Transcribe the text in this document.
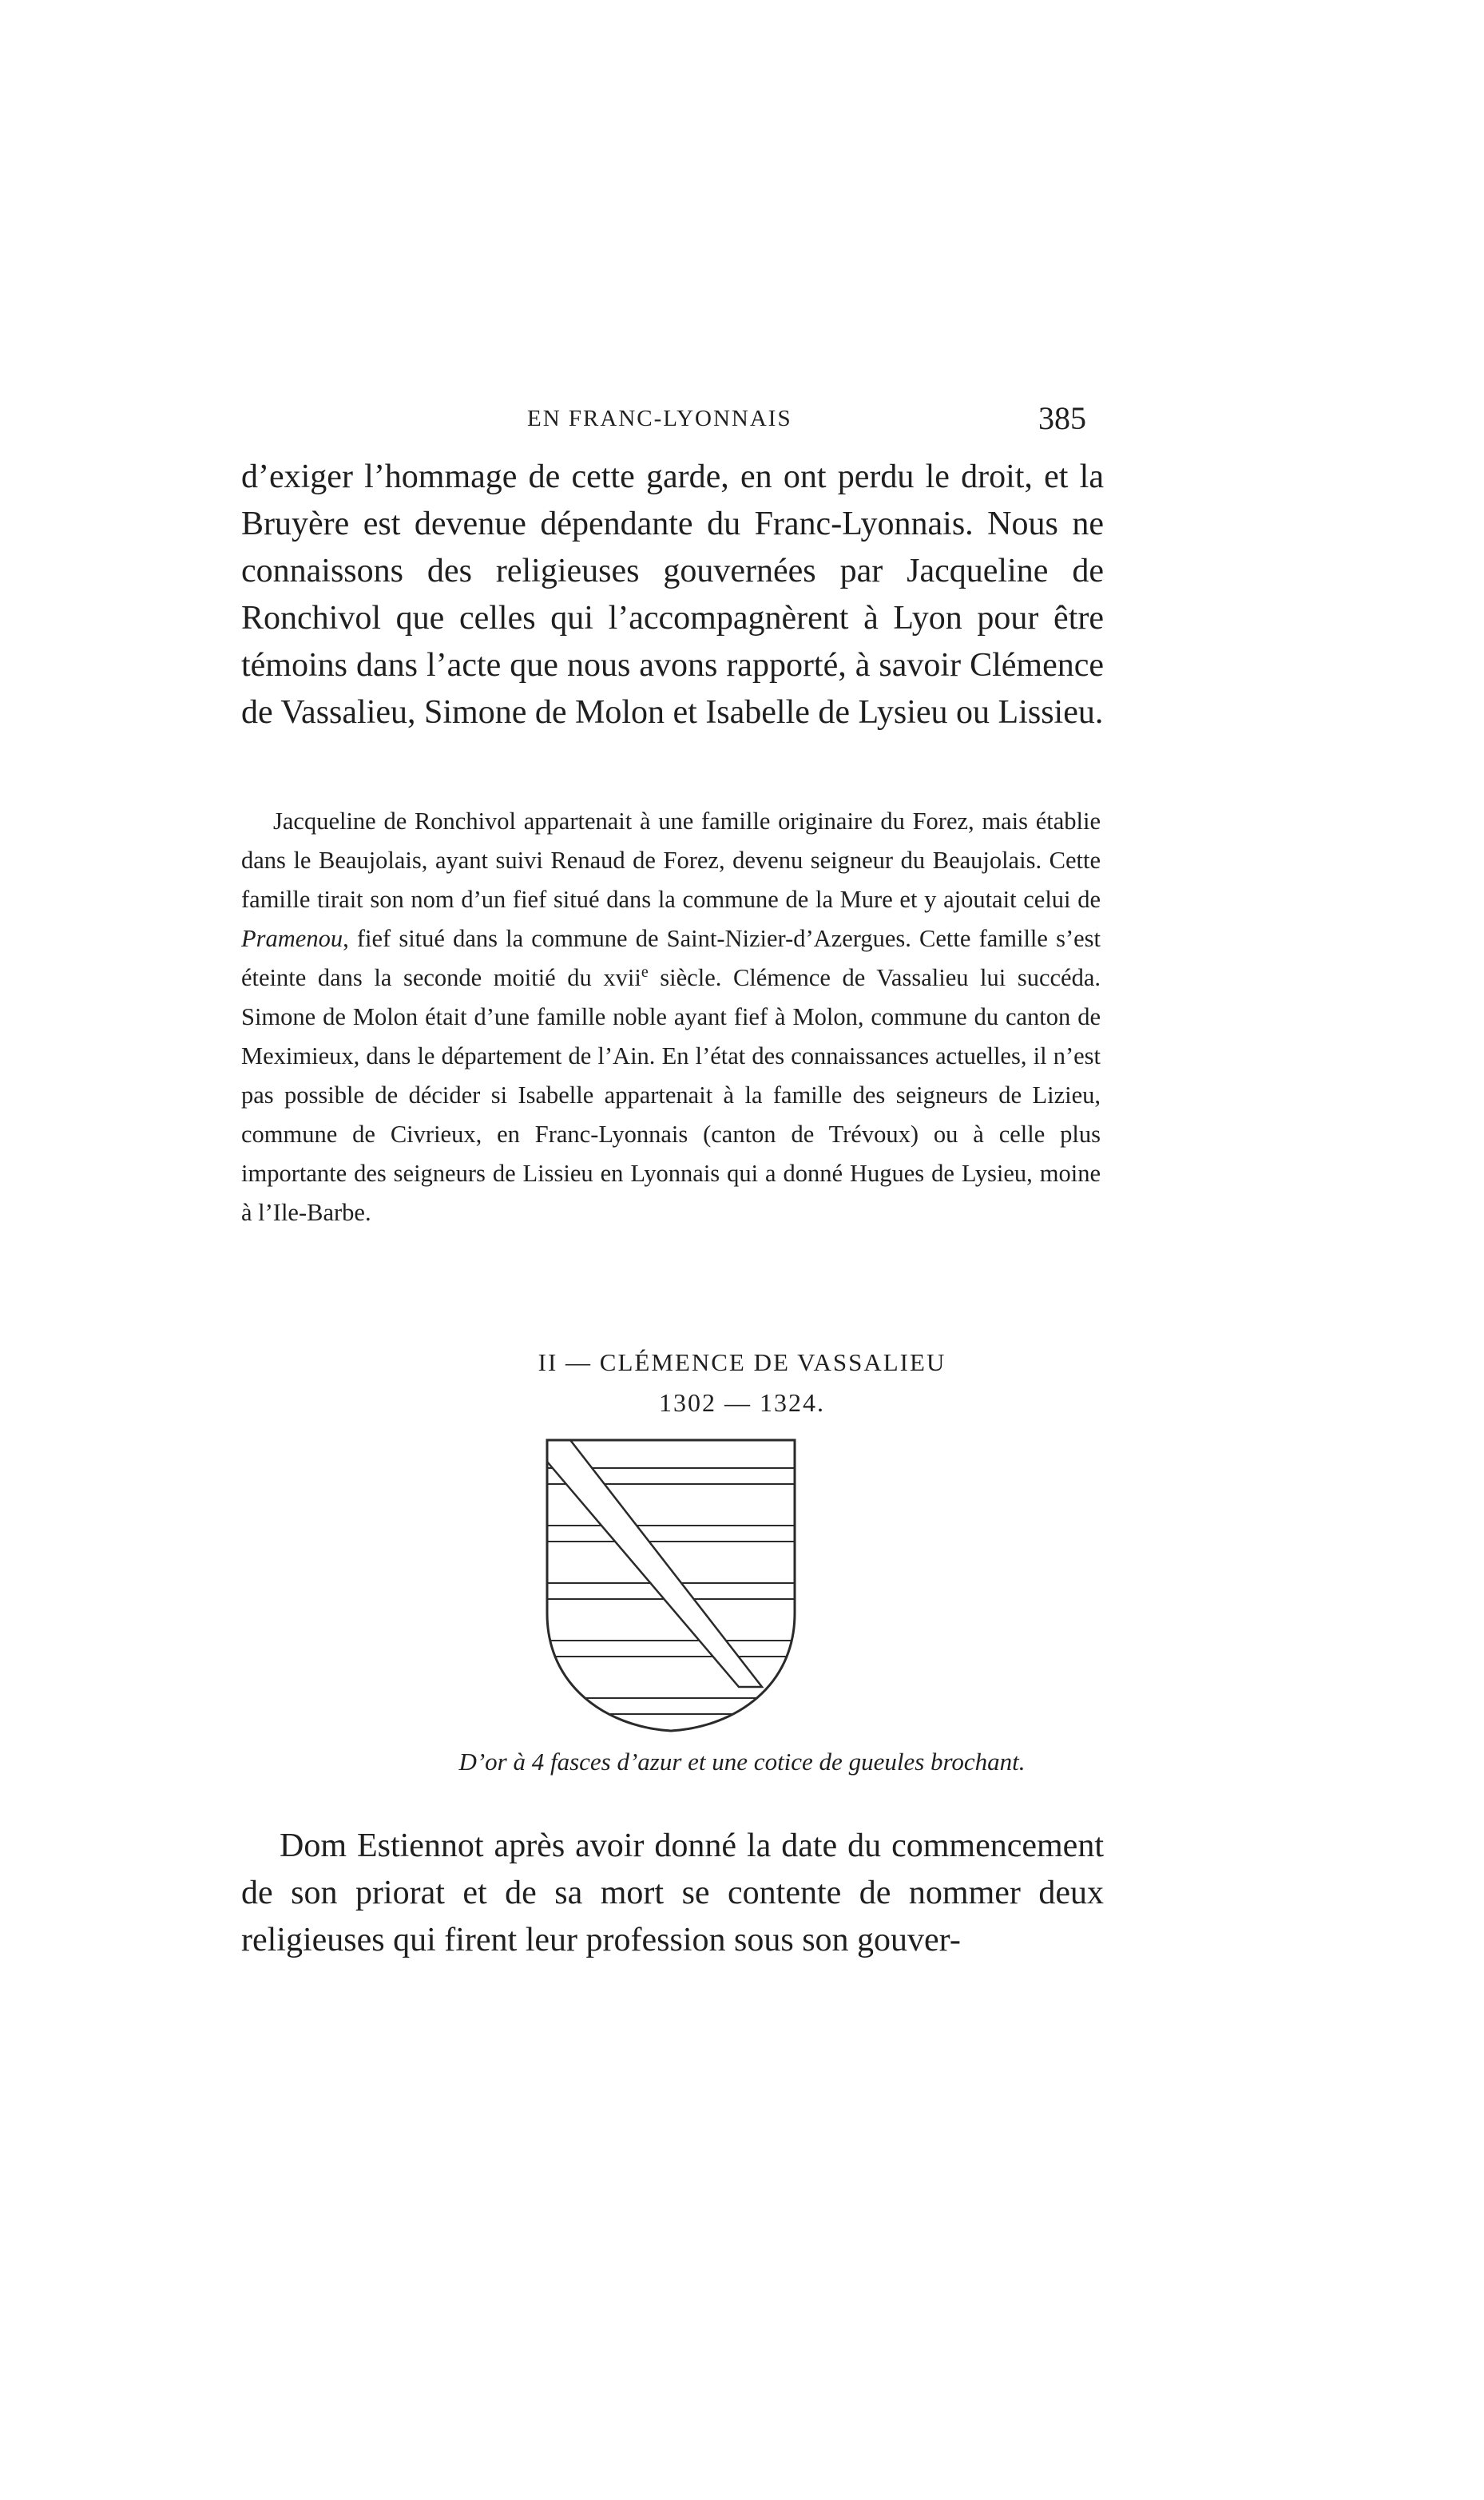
EN FRANC-LYONNAIS	385

d’exiger l’hommage de cette garde, en ont perdu le droit, et la Bruyère est devenue dépendante du Franc-Lyonnais. Nous ne connaissons des religieuses gouvernées par Jacqueline de Ronchivol que celles qui l’accompagnèrent à Lyon pour être témoins dans l’acte que nous avons rapporté, à savoir Clémence de Vassalieu, Simone de Molon et Isabelle de Lysieu ou Lissieu.

Jacqueline de Ronchivol appartenait à une famille originaire du Forez, mais établie dans le Beaujolais, ayant suivi Renaud de Forez, devenu seigneur du Beaujolais. Cette famille tirait son nom d’un fief situé dans la commune de la Mure et y ajoutait celui de Pramenou, fief situé dans la commune de Saint-Nizier-d’Azergues. Cette famille s’est éteinte dans la seconde moitié du xvii$^e$ siècle. Clémence de Vassalieu lui succéda. Simone de Molon était d’une famille noble ayant fief à Molon, commune du canton de Meximieux, dans le département de l’Ain. En l’état des connaissances actuelles, il n’est pas possible de décider si Isabelle appartenait à la famille des seigneurs de Lizieu, commune de Civrieux, en Franc-Lyonnais (canton de Trévoux) ou à celle plus importante des seigneurs de Lissieu en Lyonnais qui a donné Hugues de Lysieu, moine à l’Ile-Barbe.

II — CLÉMENCE DE VASSALIEU
1302 — 1324.
D’or à 4 fasces d’azur et une cotice de gueules brochant.

Dom Estiennot après avoir donné la date du commencement de son priorat et de sa mort se contente de nommer deux religieuses qui firent leur profession sous son gouver-
